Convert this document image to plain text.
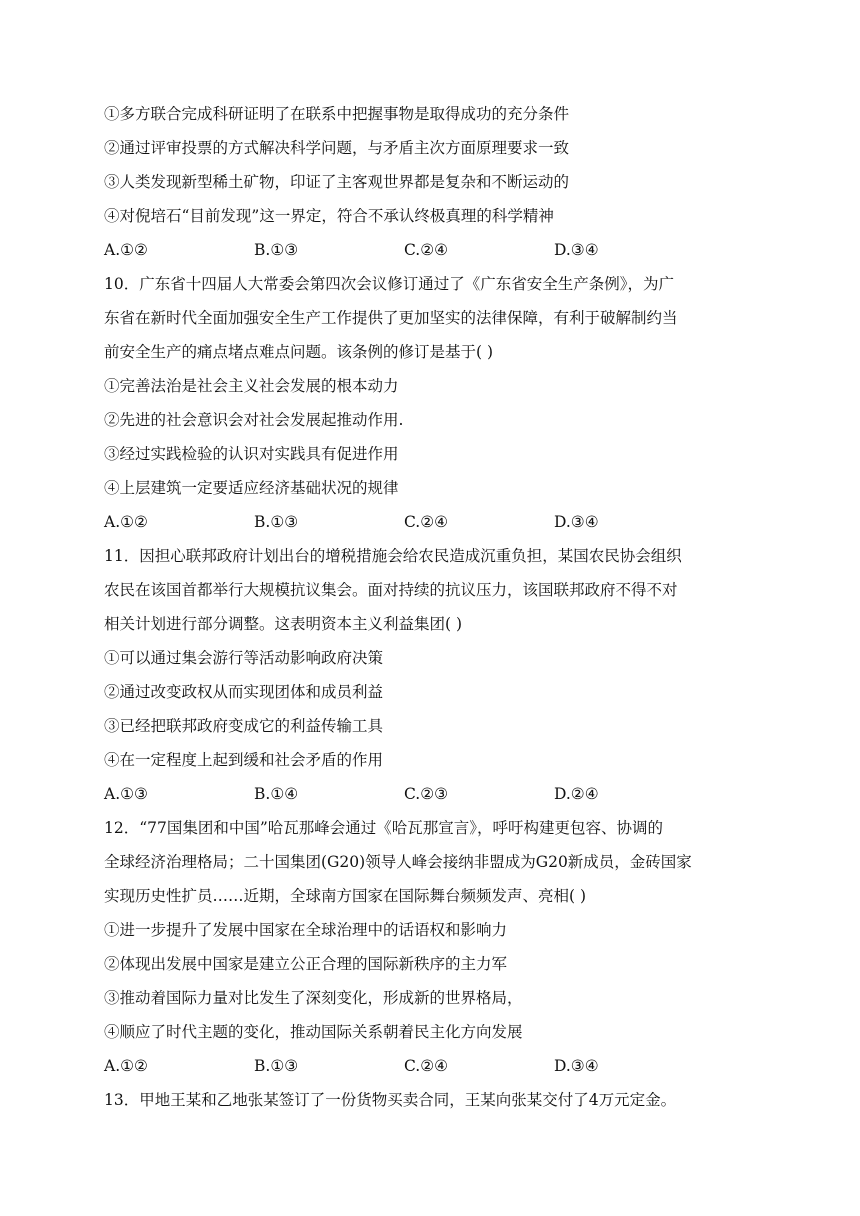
①多方联合完成科研证明了在联系中把握事物是取得成功的充分条件
②通过评审投票的方式解决科学问题，与矛盾主次方面原理要求一致
③人类发现新型稀土矿物，印证了主客观世界都是复杂和不断运动的
④对倪培石“目前发现”这一界定，符合不承认终极真理的科学精神
A.①②	B.①③	C.②④	D.③④
10．广东省十四届人大常委会第四次会议修订通过了《广东省安全生产条例》，为广
东省在新时代全面加强安全生产工作提供了更加坚实的法律保障，有利于破解制约当
前安全生产的痛点堵点难点问题。该条例的修订是基于( )
①完善法治是社会主义社会发展的根本动力
②先进的社会意识会对社会发展起推动作用.
③经过实践检验的认识对实践具有促进作用
④上层建筑一定要适应经济基础状况的规律
A.①②	B.①③	C.②④	D.③④
11．因担心联邦政府计划出台的增税措施会给农民造成沉重负担，某国农民协会组织
农民在该国首都举行大规模抗议集会。面对持续的抗议压力，该国联邦政府不得不对
相关计划进行部分调整。这表明资本主义利益集团( )
①可以通过集会游行等活动影响政府决策
②通过改变政权从而实现团体和成员利益
③已经把联邦政府变成它的利益传输工具
④在一定程度上起到缓和社会矛盾的作用
A.①③	B.①④	C.②③	D.②④
12．“77国集团和中国”哈瓦那峰会通过《哈瓦那宣言》，呼吁构建更包容、协调的
全球经济治理格局；二十国集团(G20)领导人峰会接纳非盟成为G20新成员，金砖国家
实现历史性扩员……近期，全球南方国家在国际舞台频频发声、亮相( )
①进一步提升了发展中国家在全球治理中的话语权和影响力
②体现出发展中国家是建立公正合理的国际新秩序的主力军
③推动着国际力量对比发生了深刻变化，形成新的世界格局，
④顺应了时代主题的变化，推动国际关系朝着民主化方向发展
A.①②	B.①③	C.②④	D.③④
13．甲地王某和乙地张某签订了一份货物买卖合同，王某向张某交付了4万元定金。
